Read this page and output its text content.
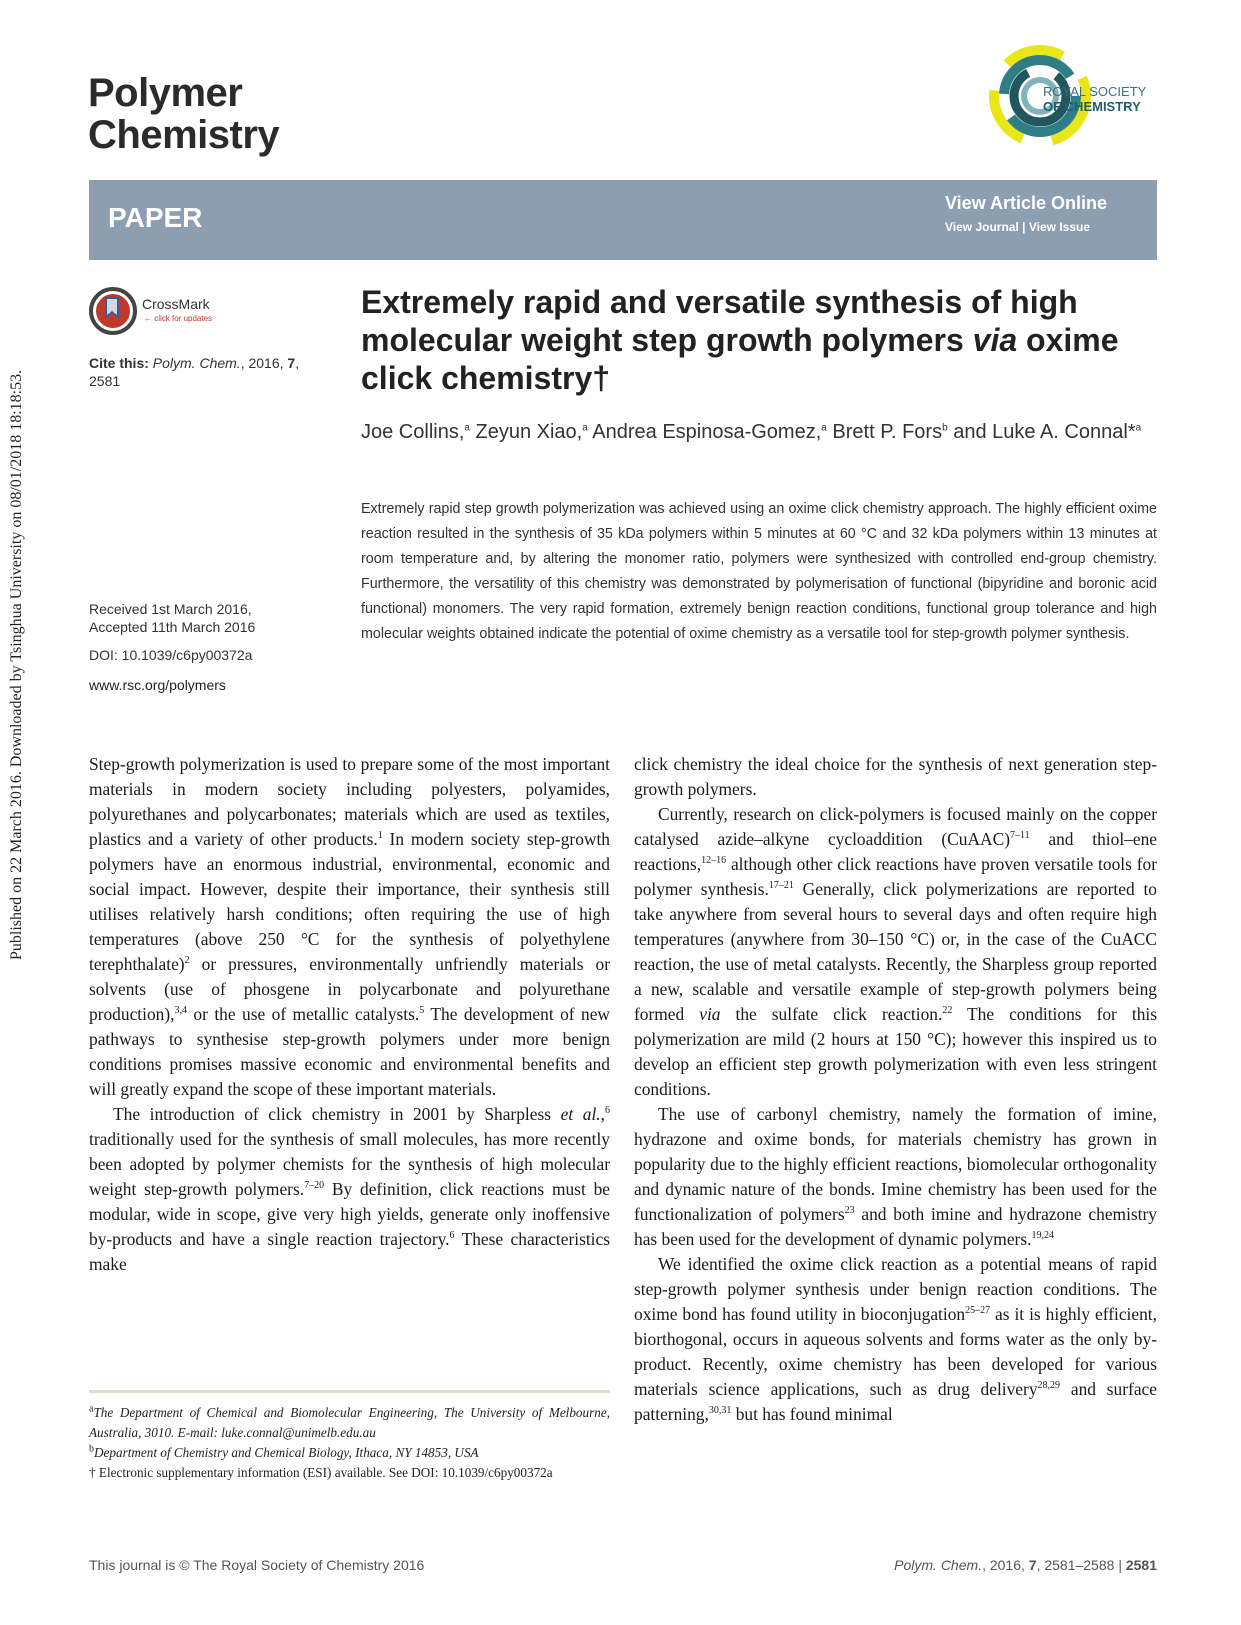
Published on 22 March 2016. Downloaded by Tsinghua University on 08/01/2018 18:18:53.
Polymer
Chemistry
ROYAL SOCIETY
OF CHEMISTRY
PAPER	View Article Online
View Journal | View Issue
CrossMark
← click for updates
Cite this: Polym. Chem., 2016, 7, 2581
Received 1st March 2016,
Accepted 11th March 2016
DOI: 10.1039/c6py00372a
www.rsc.org/polymers
Extremely rapid and versatile synthesis of high molecular weight step growth polymers via oxime click chemistry†
Joe Collins,$^a$ Zeyun Xiao,$^a$ Andrea Espinosa-Gomez,$^a$ Brett P. Fors$^b$ and Luke A. Connal*$^a$
Extremely rapid step growth polymerization was achieved using an oxime click chemistry approach. The highly efficient oxime reaction resulted in the synthesis of 35 kDa polymers within 5 minutes at 60 °C and 32 kDa polymers within 13 minutes at room temperature and, by altering the monomer ratio, polymers were synthesized with controlled end-group chemistry. Furthermore, the versatility of this chemistry was demonstrated by polymerisation of functional (bipyridine and boronic acid functional) monomers. The very rapid formation, extremely benign reaction conditions, functional group tolerance and high molecular weights obtained indicate the potential of oxime chemistry as a versatile tool for step-growth polymer synthesis.

Step-growth polymerization is used to prepare some of the most important materials in modern society including polyesters, polyamides, polyurethanes and polycarbonates; materials which are used as textiles, plastics and a variety of other products.$^1$ In modern society step-growth polymers have an enormous industrial, environmental, economic and social impact. However, despite their importance, their synthesis still utilises relatively harsh conditions; often requiring the use of high temperatures (above 250 °C for the synthesis of polyethylene terephthalate)$^2$ or pressures, environmentally unfriendly materials or solvents (use of phosgene in polycarbonate and polyurethane production),$^{3,4}$ or the use of metallic catalysts.$^5$ The development of new pathways to synthesise step-growth polymers under more benign conditions promises massive economic and environmental benefits and will greatly expand the scope of these important materials.

The introduction of click chemistry in 2001 by Sharpless et al.,$^6$ traditionally used for the synthesis of small molecules, has more recently been adopted by polymer chemists for the synthesis of high molecular weight step-growth polymers.$^{7-20}$ By definition, click reactions must be modular, wide in scope, give very high yields, generate only inoffensive by-products and have a single reaction trajectory.$^6$ These characteristics make

click chemistry the ideal choice for the synthesis of next generation step-growth polymers.

Currently, research on click-polymers is focused mainly on the copper catalysed azide–alkyne cycloaddition (CuAAC)$^{7-11}$ and thiol–ene reactions,$^{12-16}$ although other click reactions have proven versatile tools for polymer synthesis.$^{17-21}$ Generally, click polymerizations are reported to take anywhere from several hours to several days and often require high temperatures (anywhere from 30–150 °C) or, in the case of the CuACC reaction, the use of metal catalysts. Recently, the Sharpless group reported a new, scalable and versatile example of step-growth polymers being formed via the sulfate click reaction.$^{22}$ The conditions for this polymerization are mild (2 hours at 150 °C); however this inspired us to develop an efficient step growth polymerization with even less stringent conditions.

The use of carbonyl chemistry, namely the formation of imine, hydrazone and oxime bonds, for materials chemistry has grown in popularity due to the highly efficient reactions, biomolecular orthogonality and dynamic nature of the bonds. Imine chemistry has been used for the functionalization of polymers$^{23}$ and both imine and hydrazone chemistry has been used for the development of dynamic polymers.$^{19,24}$

We identified the oxime click reaction as a potential means of rapid step-growth polymer synthesis under benign reaction conditions. The oxime bond has found utility in bioconjugation$^{25-27}$ as it is highly efficient, biorthogonal, occurs in aqueous solvents and forms water as the only by-product. Recently, oxime chemistry has been developed for various materials science applications, such as drug delivery$^{28,29}$ and surface patterning,$^{30,31}$ but has found minimal

$^a$The Department of Chemical and Biomolecular Engineering, The University of Melbourne, Australia, 3010. E-mail: luke.connal@unimelb.edu.au

$^b$Department of Chemistry and Chemical Biology, Ithaca, NY 14853, USA

† Electronic supplementary information (ESI) available. See DOI: 10.1039/c6py00372a

This journal is © The Royal Society of Chemistry 2016	Polym. Chem., 2016, 7, 2581–2588 | 2581
